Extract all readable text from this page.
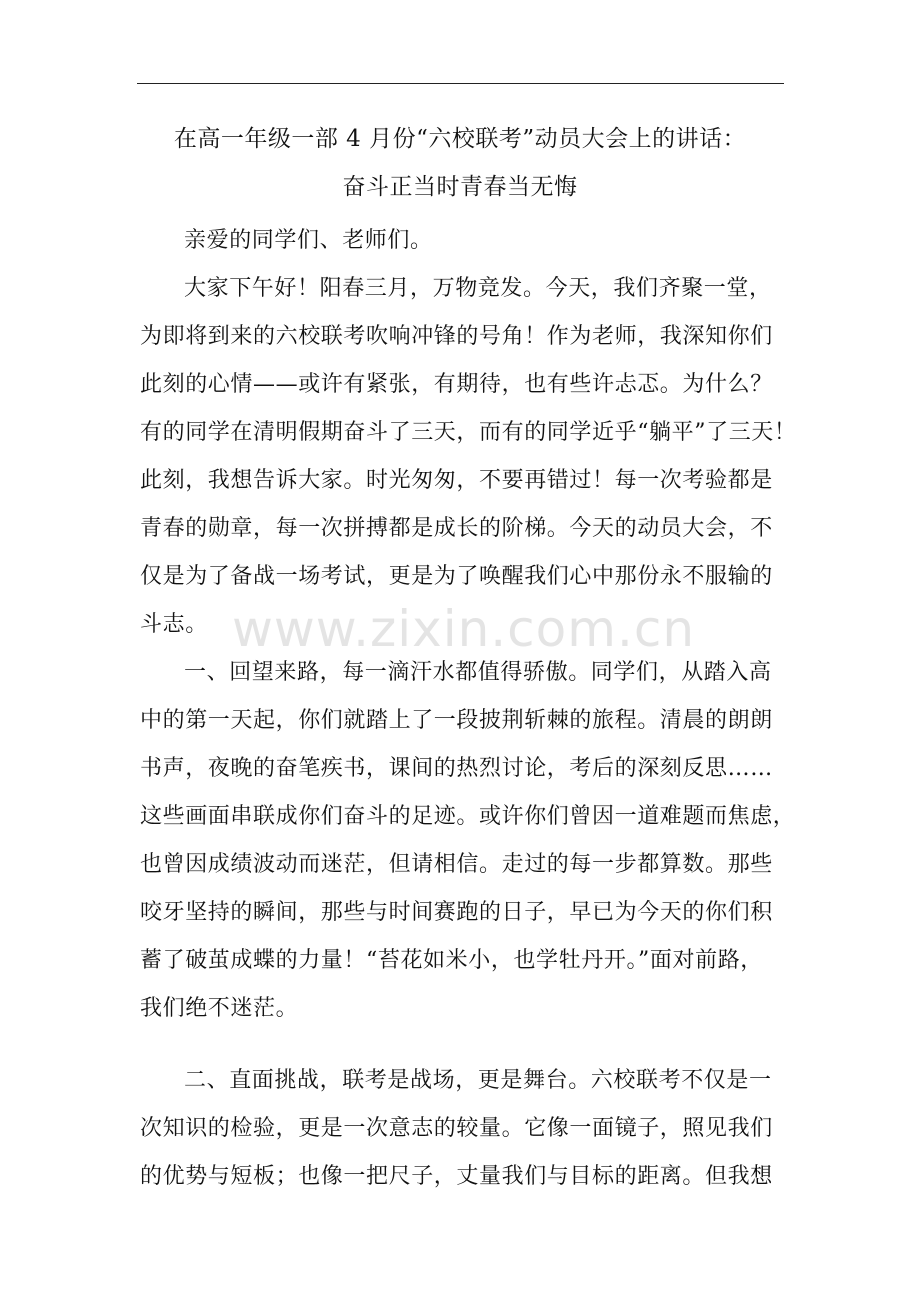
www.zixin.com.cn
在高一年级一部 4 月份“六校联考”动员大会上的讲话：
奋斗正当时青春当无悔
亲爱的同学们、老师们。
大家下午好！阳春三月，万物竞发。今天，我们齐聚一堂，
为即将到来的六校联考吹响冲锋的号角！作为老师，我深知你们
此刻的心情——或许有紧张，有期待，也有些许忐忑。为什么？
有的同学在清明假期奋斗了三天，而有的同学近乎“躺平”了三天！
此刻，我想告诉大家。时光匆匆，不要再错过！每一次考验都是
青春的勋章，每一次拼搏都是成长的阶梯。今天的动员大会，不
仅是为了备战一场考试，更是为了唤醒我们心中那份永不服输的
斗志。
一、回望来路，每一滴汗水都值得骄傲。同学们，从踏入高
中的第一天起，你们就踏上了一段披荆斩棘的旅程。清晨的朗朗
书声，夜晚的奋笔疾书，课间的热烈讨论，考后的深刻反思……
这些画面串联成你们奋斗的足迹。或许你们曾因一道难题而焦虑，
也曾因成绩波动而迷茫，但请相信。走过的每一步都算数。那些
咬牙坚持的瞬间，那些与时间赛跑的日子，早已为今天的你们积
蓄了破茧成蝶的力量！“苔花如米小，也学牡丹开。”面对前路，
我们绝不迷茫。
二、直面挑战，联考是战场，更是舞台。六校联考不仅是一
次知识的检验，更是一次意志的较量。它像一面镜子，照见我们
的优势与短板；也像一把尺子，丈量我们与目标的距离。但我想
